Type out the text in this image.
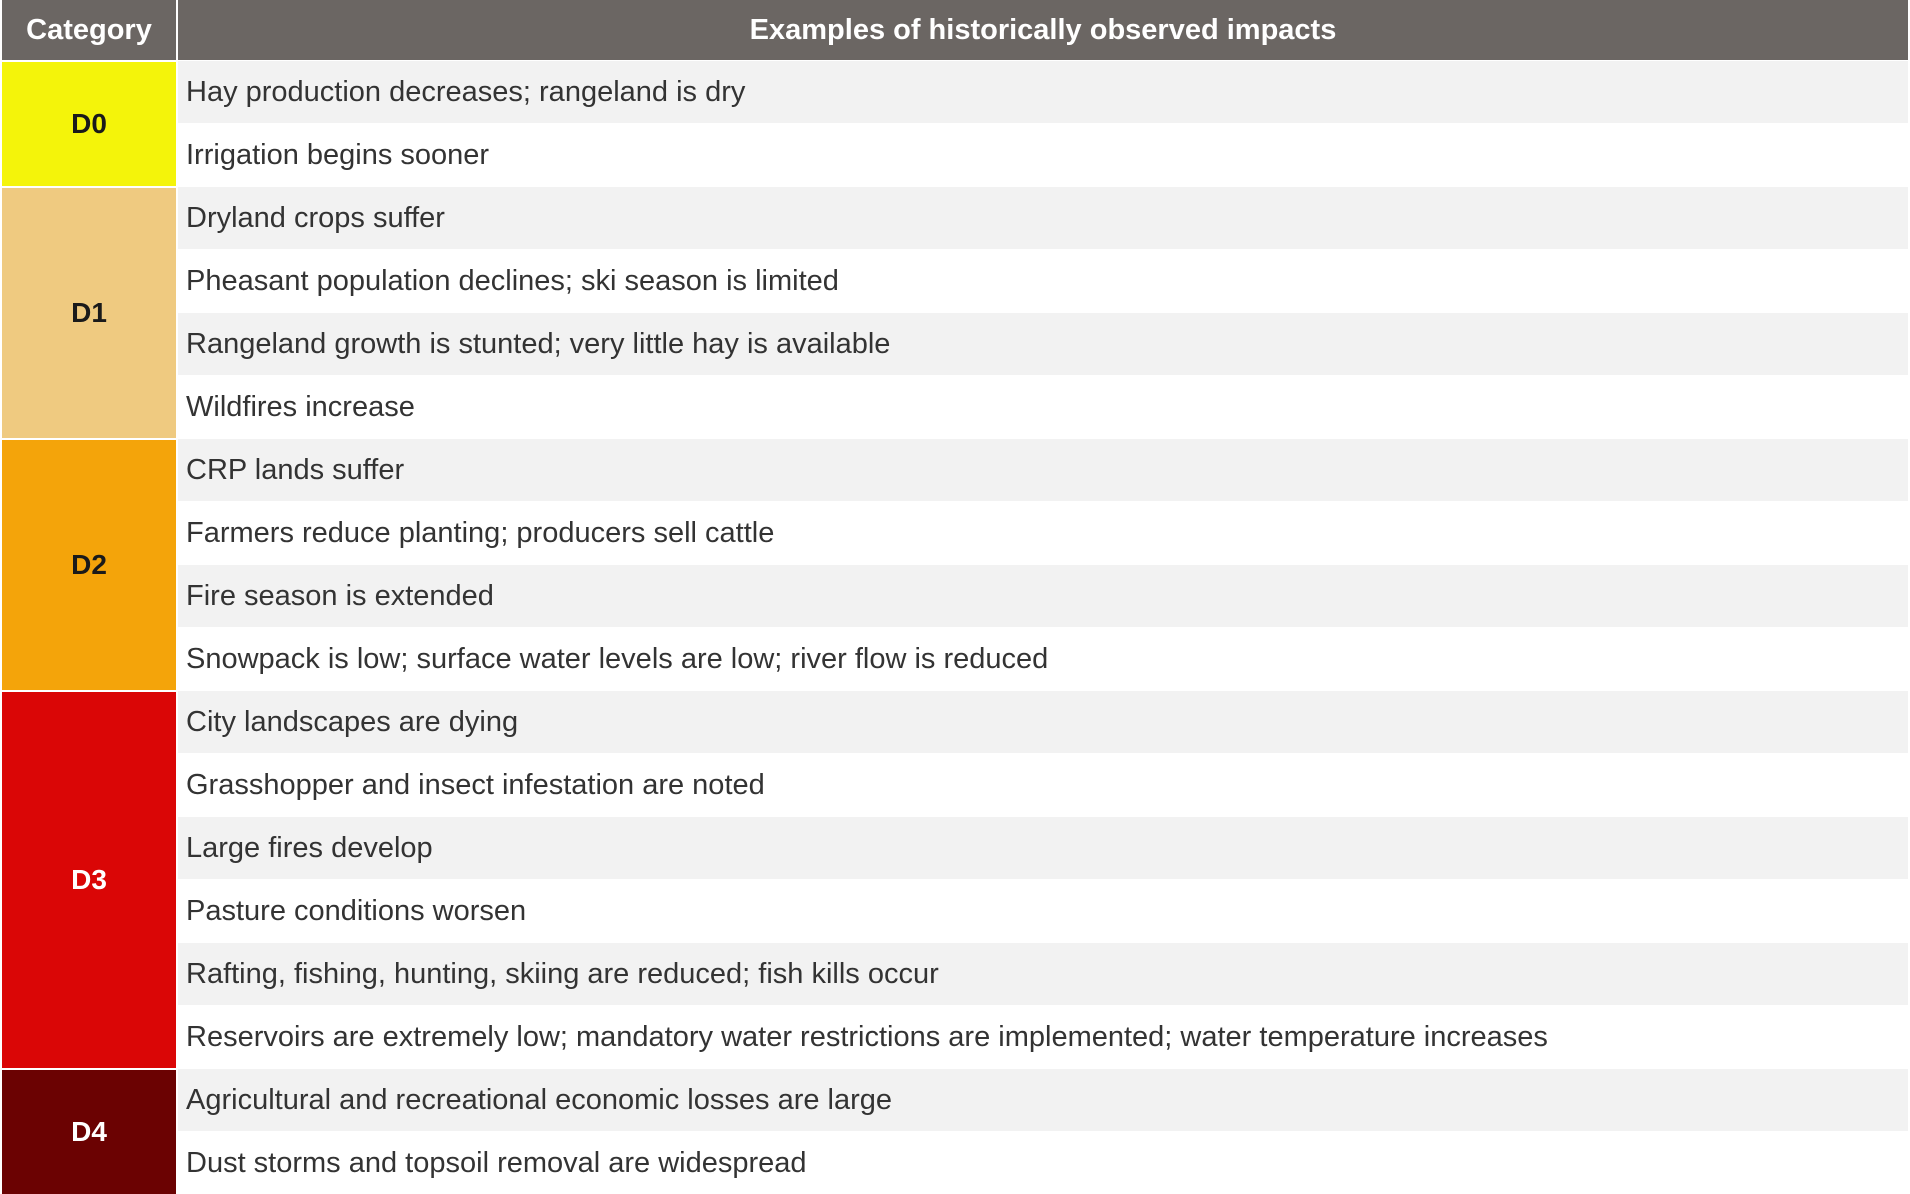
Category	Examples of historically observed impacts
D0	Hay production decreases; rangeland is dry
	Irrigation begins sooner
D1	Dryland crops suffer
	Pheasant population declines; ski season is limited
	Rangeland growth is stunted; very little hay is available
	Wildfires increase
D2	CRP lands suffer
	Farmers reduce planting; producers sell cattle
	Fire season is extended
	Snowpack is low; surface water levels are low; river flow is reduced
D3	City landscapes are dying
	Grasshopper and insect infestation are noted
	Large fires develop
	Pasture conditions worsen
	Rafting, fishing, hunting, skiing are reduced; fish kills occur
	Reservoirs are extremely low; mandatory water restrictions are implemented; water temperature increases
D4	Agricultural and recreational economic losses are large
	Dust storms and topsoil removal are widespread
